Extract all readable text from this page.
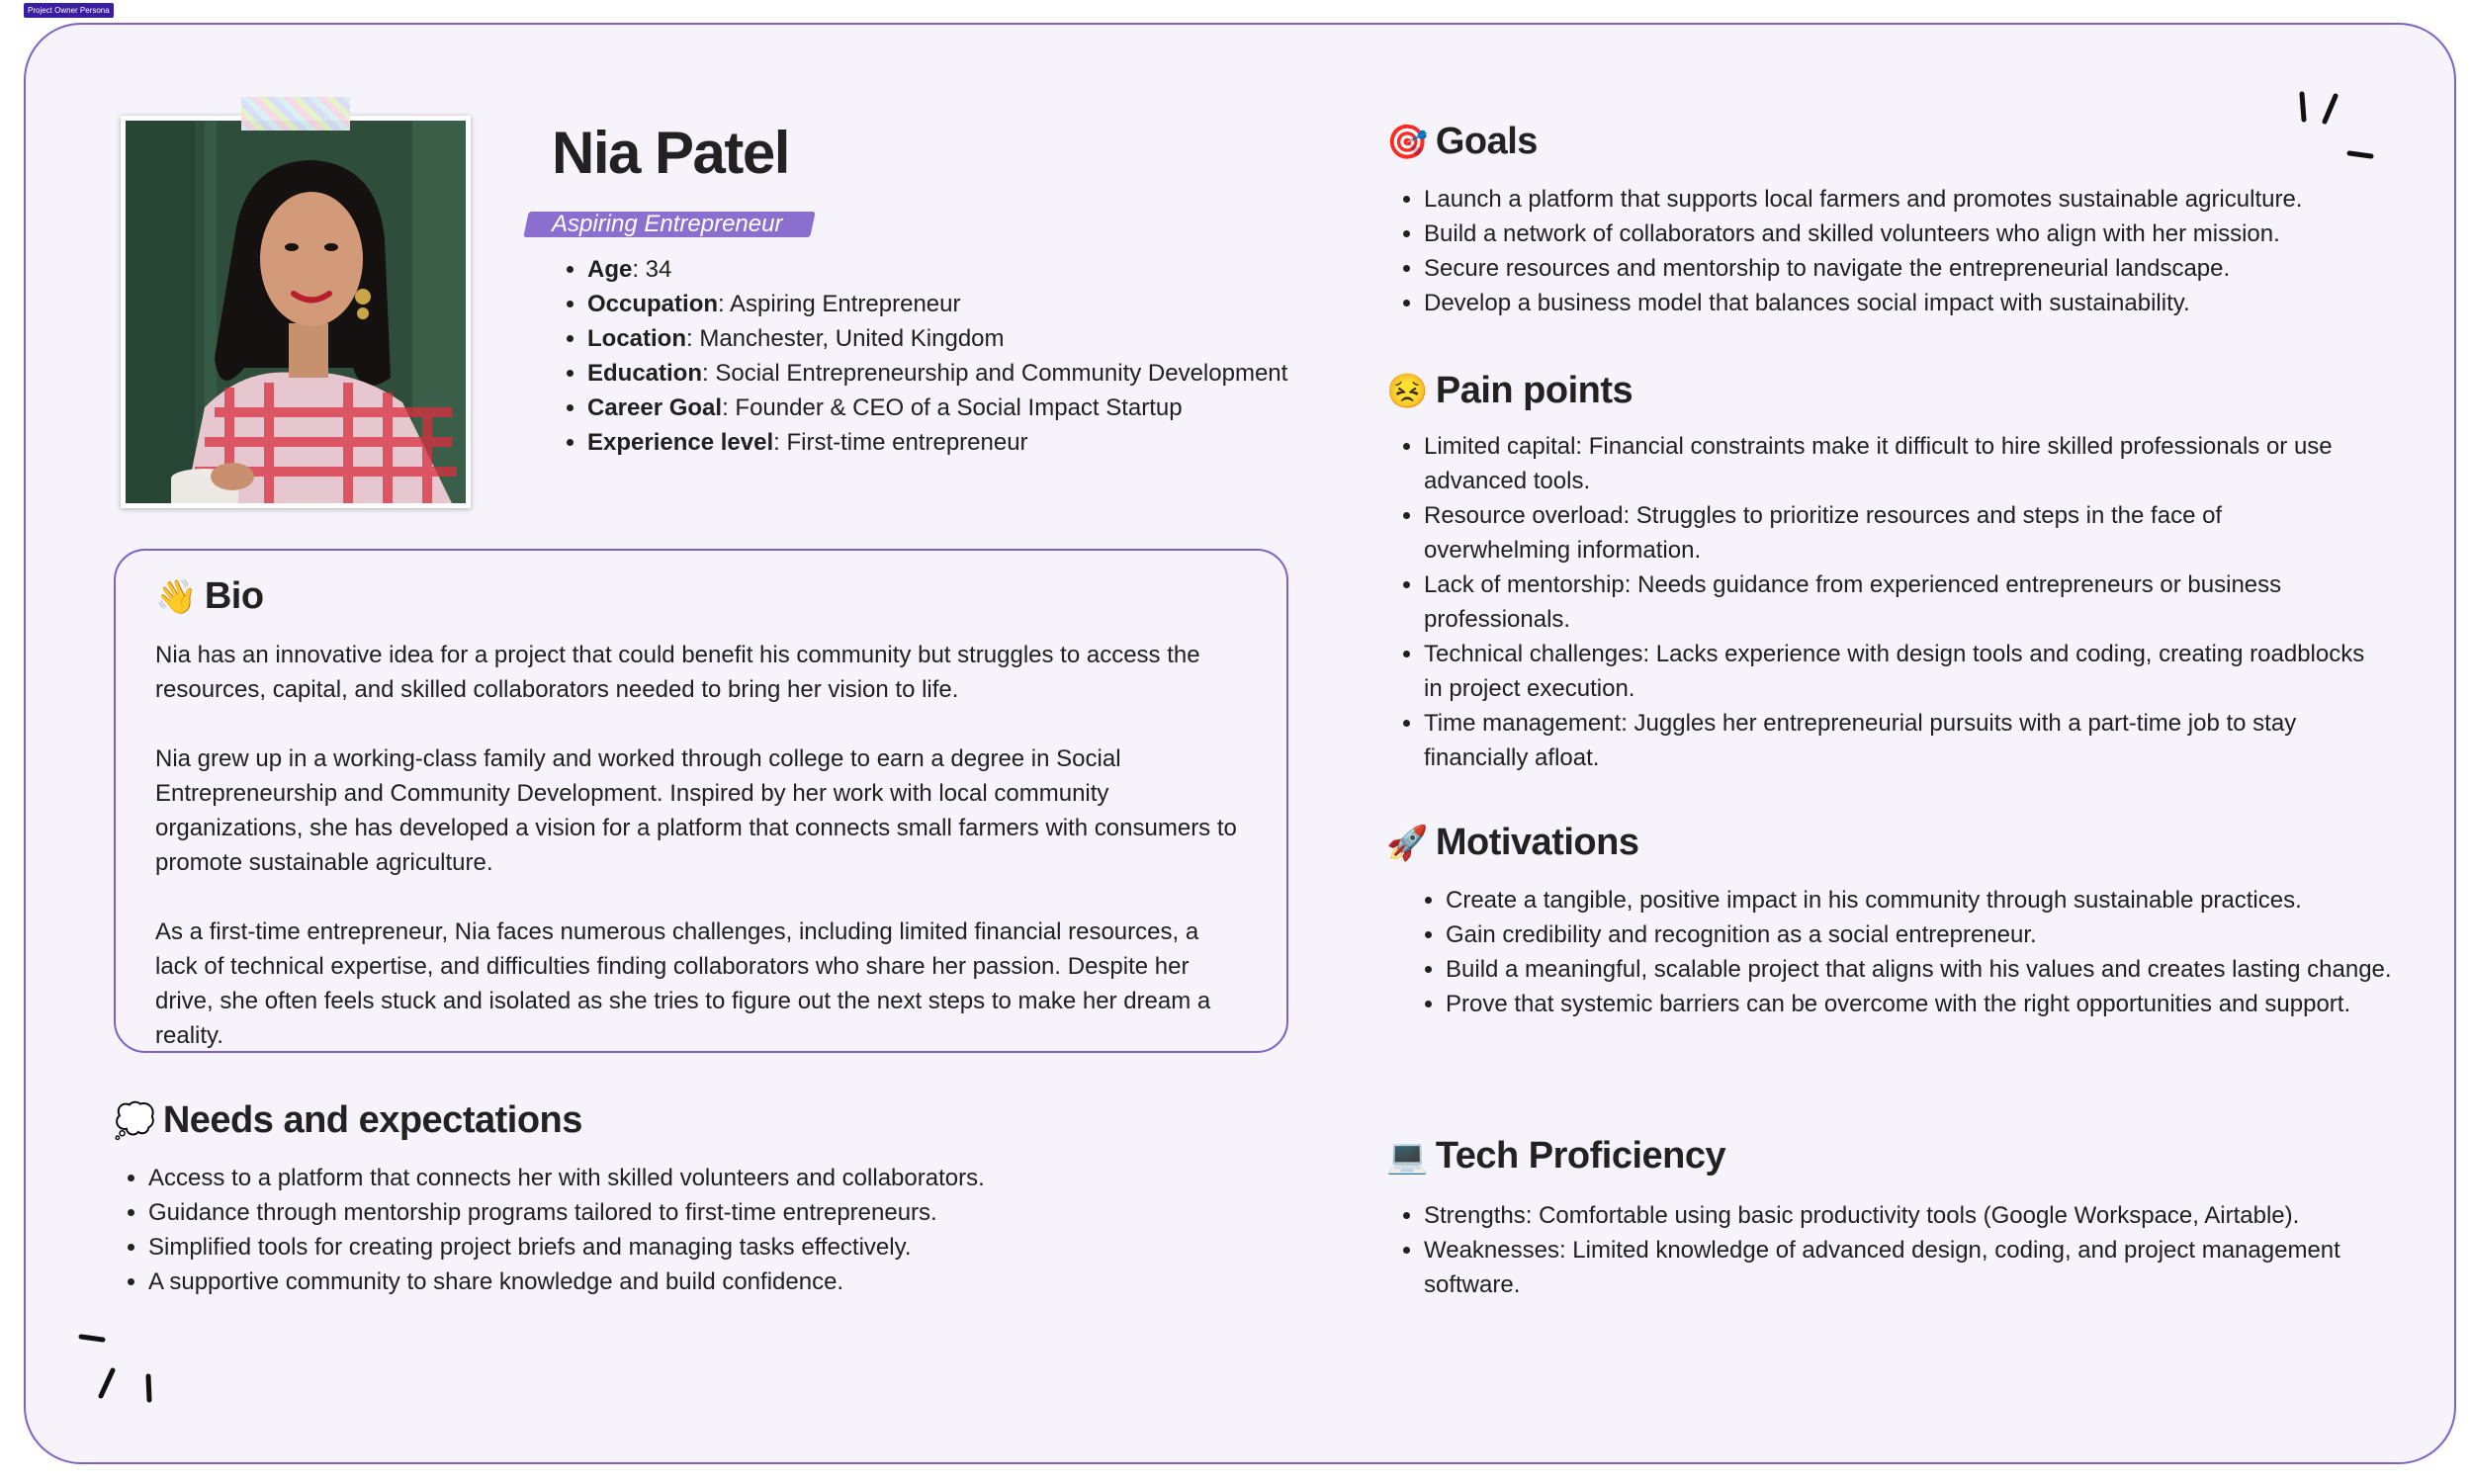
Project Owner Persona
Nia Patel
Aspiring Entrepreneur
• Age: 34
• Occupation: Aspiring Entrepreneur
• Location: Manchester, United Kingdom
• Education: Social Entrepreneurship and Community Development
• Career Goal: Founder & CEO of a Social Impact Startup
• Experience level: First-time entrepreneur
👋 Bio

Nia has an innovative idea for a project that could benefit his community but struggles to access the resources, capital, and skilled collaborators needed to bring her vision to life.

Nia grew up in a working-class family and worked through college to earn a degree in Social Entrepreneurship and Community Development. Inspired by her work with local community organizations, she has developed a vision for a platform that connects small farmers with consumers to promote sustainable agriculture.

As a first-time entrepreneur, Nia faces numerous challenges, including limited financial resources, a lack of technical expertise, and difficulties finding collaborators who share her passion. Despite her drive, she often feels stuck and isolated as she tries to figure out the next steps to make her dream a reality.

💭 Needs and expectations
• Access to a platform that connects her with skilled volunteers and collaborators.
• Guidance through mentorship programs tailored to first-time entrepreneurs.
• Simplified tools for creating project briefs and managing tasks effectively.
• A supportive community to share knowledge and build confidence.
🎯 Goals
• Launch a platform that supports local farmers and promotes sustainable agriculture.
• Build a network of collaborators and skilled volunteers who align with her mission.
• Secure resources and mentorship to navigate the entrepreneurial landscape.
• Develop a business model that balances social impact with sustainability.
😣 Pain points
• Limited capital: Financial constraints make it difficult to hire skilled professionals or use advanced tools.
• Resource overload: Struggles to prioritize resources and steps in the face of overwhelming information.
• Lack of mentorship: Needs guidance from experienced entrepreneurs or business professionals.
• Technical challenges: Lacks experience with design tools and coding, creating roadblocks in project execution.
• Time management: Juggles her entrepreneurial pursuits with a part-time job to stay financially afloat.
🚀 Motivations
• Create a tangible, positive impact in his community through sustainable practices.
• Gain credibility and recognition as a social entrepreneur.
• Build a meaningful, scalable project that aligns with his values and creates lasting change.
• Prove that systemic barriers can be overcome with the right opportunities and support.
💻 Tech Proficiency
• Strengths: Comfortable using basic productivity tools (Google Workspace, Airtable).
• Weaknesses: Limited knowledge of advanced design, coding, and project management software.
